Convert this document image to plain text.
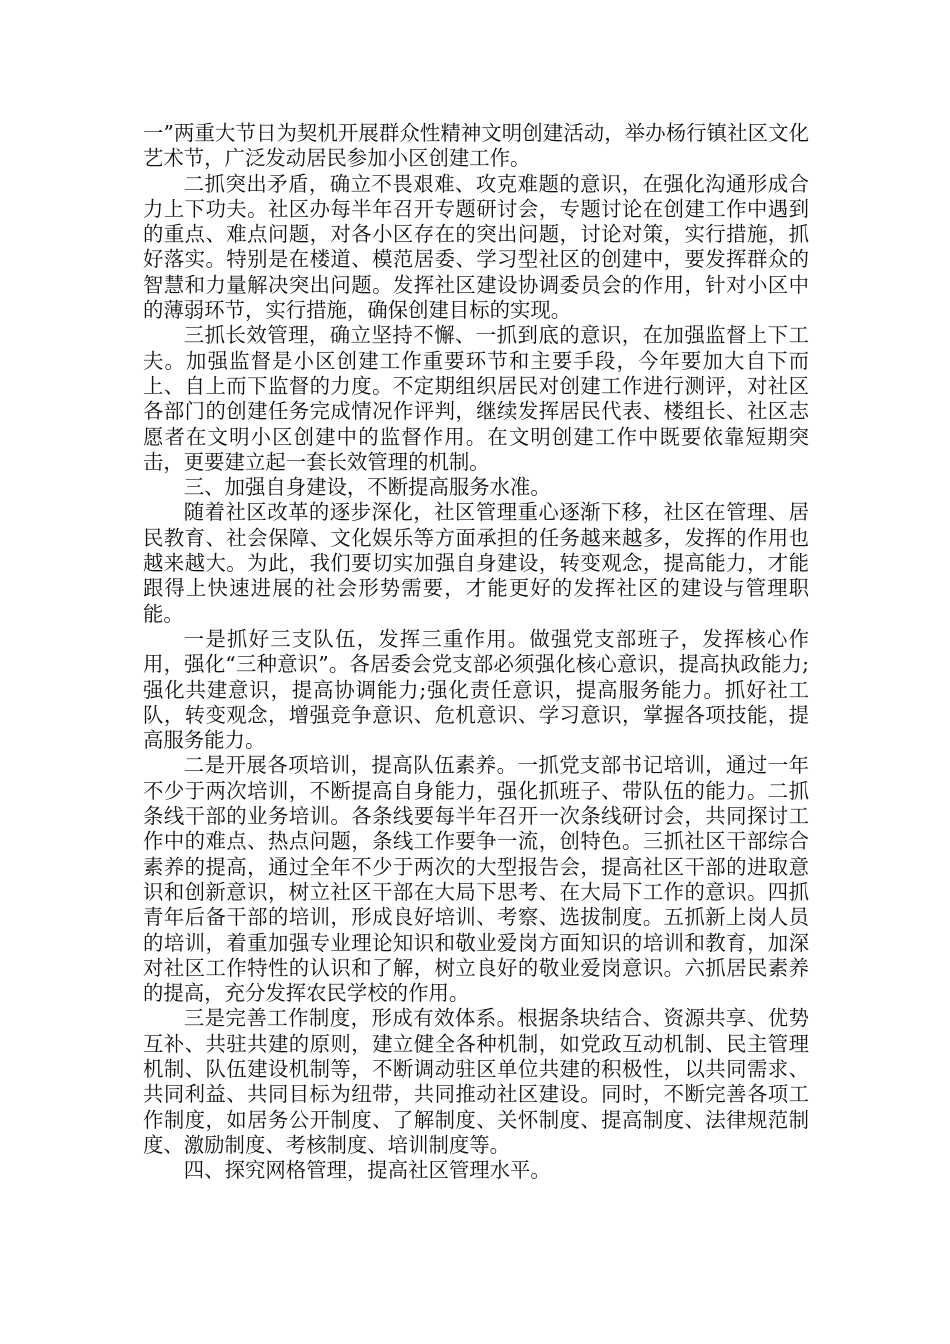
一”两重大节日为契机开展群众性精神文明创建活动，举办杨行镇社区文化艺术节，广泛发动居民参加小区创建工作。

二抓突出矛盾，确立不畏艰难、攻克难题的意识，在强化沟通形成合力上下功夫。社区办每半年召开专题研讨会，专题讨论在创建工作中遇到的重点、难点问题，对各小区存在的突出问题，讨论对策，实行措施，抓好落实。特别是在楼道、模范居委、学习型社区的创建中，要发挥群众的智慧和力量解决突出问题。发挥社区建设协调委员会的作用，针对小区中的薄弱环节，实行措施，确保创建目标的实现。

三抓长效管理，确立坚持不懈、一抓到底的意识，在加强监督上下工夫。加强监督是小区创建工作重要环节和主要手段，今年要加大自下而上、自上而下监督的力度。不定期组织居民对创建工作进行测评，对社区各部门的创建任务完成情况作评判，继续发挥居民代表、楼组长、社区志愿者在文明小区创建中的监督作用。在文明创建工作中既要依靠短期突击，更要建立起一套长效管理的机制。

三、加强自身建设，不断提高服务水准。

随着社区改革的逐步深化，社区管理重心逐渐下移，社区在管理、居民教育、社会保障、文化娱乐等方面承担的任务越来越多，发挥的作用也越来越大。为此，我们要切实加强自身建设，转变观念，提高能力，才能跟得上快速进展的社会形势需要，才能更好的发挥社区的建设与管理职能。

一是抓好三支队伍，发挥三重作用。做强党支部班子，发挥核心作用，强化“三种意识”。各居委会党支部必须强化核心意识，提高执政能力;强化共建意识，提高协调能力;强化责任意识，提高服务能力。抓好社工队，转变观念，增强竞争意识、危机意识、学习意识，掌握各项技能，提高服务能力。

二是开展各项培训，提高队伍素养。一抓党支部书记培训，通过一年不少于两次培训，不断提高自身能力，强化抓班子、带队伍的能力。二抓条线干部的业务培训。各条线要每半年召开一次条线研讨会，共同探讨工作中的难点、热点问题，条线工作要争一流，创特色。三抓社区干部综合素养的提高，通过全年不少于两次的大型报告会，提高社区干部的进取意识和创新意识，树立社区干部在大局下思考、在大局下工作的意识。四抓青年后备干部的培训，形成良好培训、考察、选拔制度。五抓新上岗人员的培训，着重加强专业理论知识和敬业爱岗方面知识的培训和教育，加深对社区工作特性的认识和了解，树立良好的敬业爱岗意识。六抓居民素养的提高，充分发挥农民学校的作用。

三是完善工作制度，形成有效体系。根据条块结合、资源共享、优势互补、共驻共建的原则，建立健全各种机制，如党政互动机制、民主管理机制、队伍建设机制等，不断调动驻区单位共建的积极性，以共同需求、共同利益、共同目标为纽带，共同推动社区建设。同时，不断完善各项工作制度，如居务公开制度、了解制度、关怀制度、提高制度、法律规范制度、激励制度、考核制度、培训制度等。

四、探究网格管理，提高社区管理水平。
